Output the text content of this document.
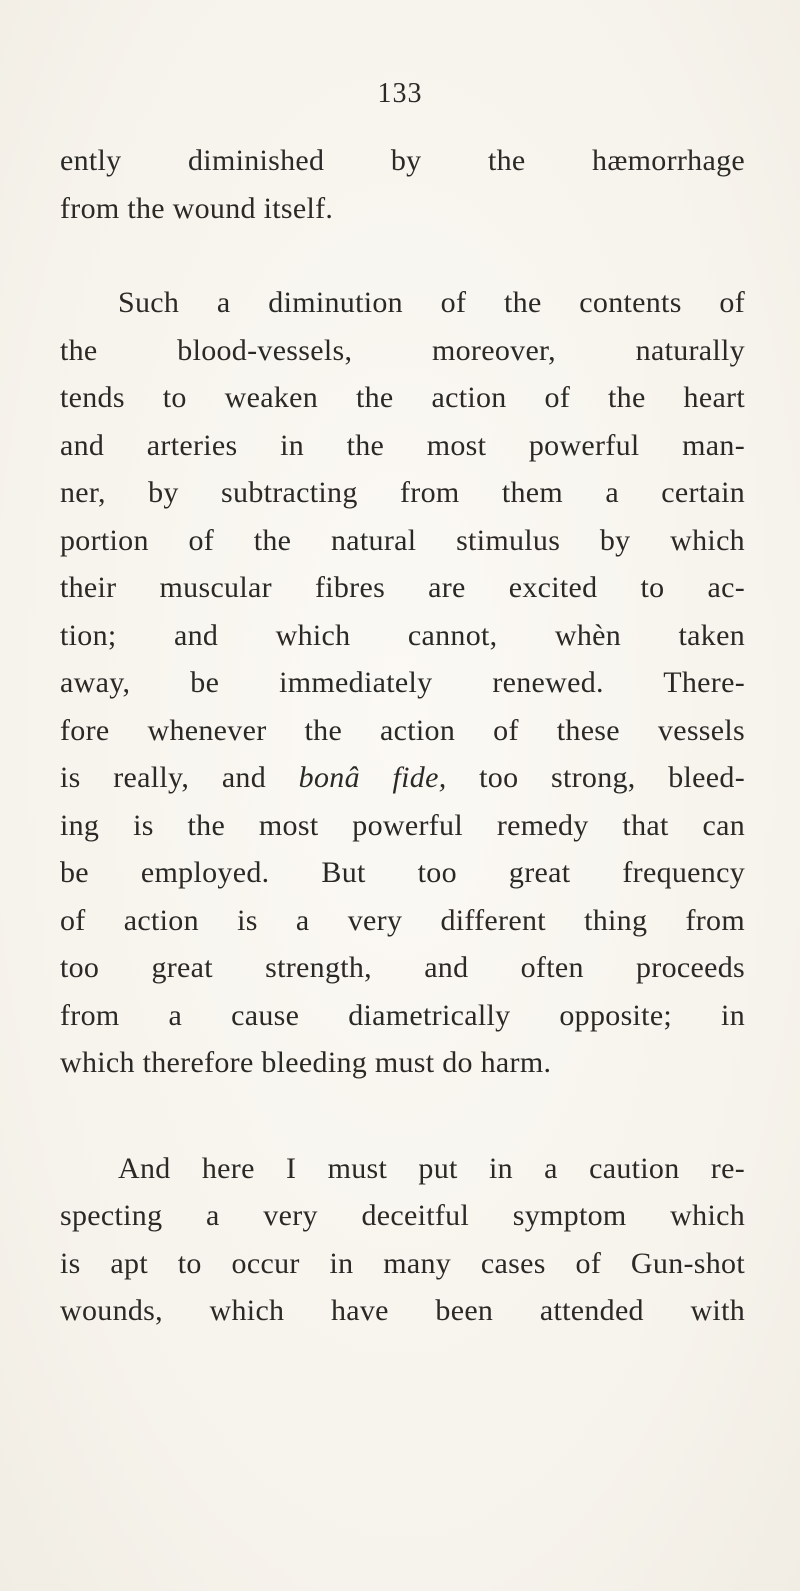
133
ently diminished by the hæmorrhage
from the wound itself.
Such a diminution of the contents of
the blood-vessels, moreover, naturally
tends to weaken the action of the heart
and arteries in the most powerful man-
ner, by subtracting from them a certain
portion of the natural stimulus by which
their muscular fibres are excited to ac-
tion; and which cannot, whèn taken
away, be immediately renewed. There-
fore whenever the action of these vessels
is really, and bonâ fide, too strong, bleed-
ing is the most powerful remedy that can
be employed. But too great frequency
of action is a very different thing from
too great strength, and often proceeds
from a cause diametrically opposite; in
which therefore bleeding must do harm.
And here I must put in a caution re-
specting a very deceitful symptom which
is apt to occur in many cases of Gun-shot
wounds, which have been attended with
